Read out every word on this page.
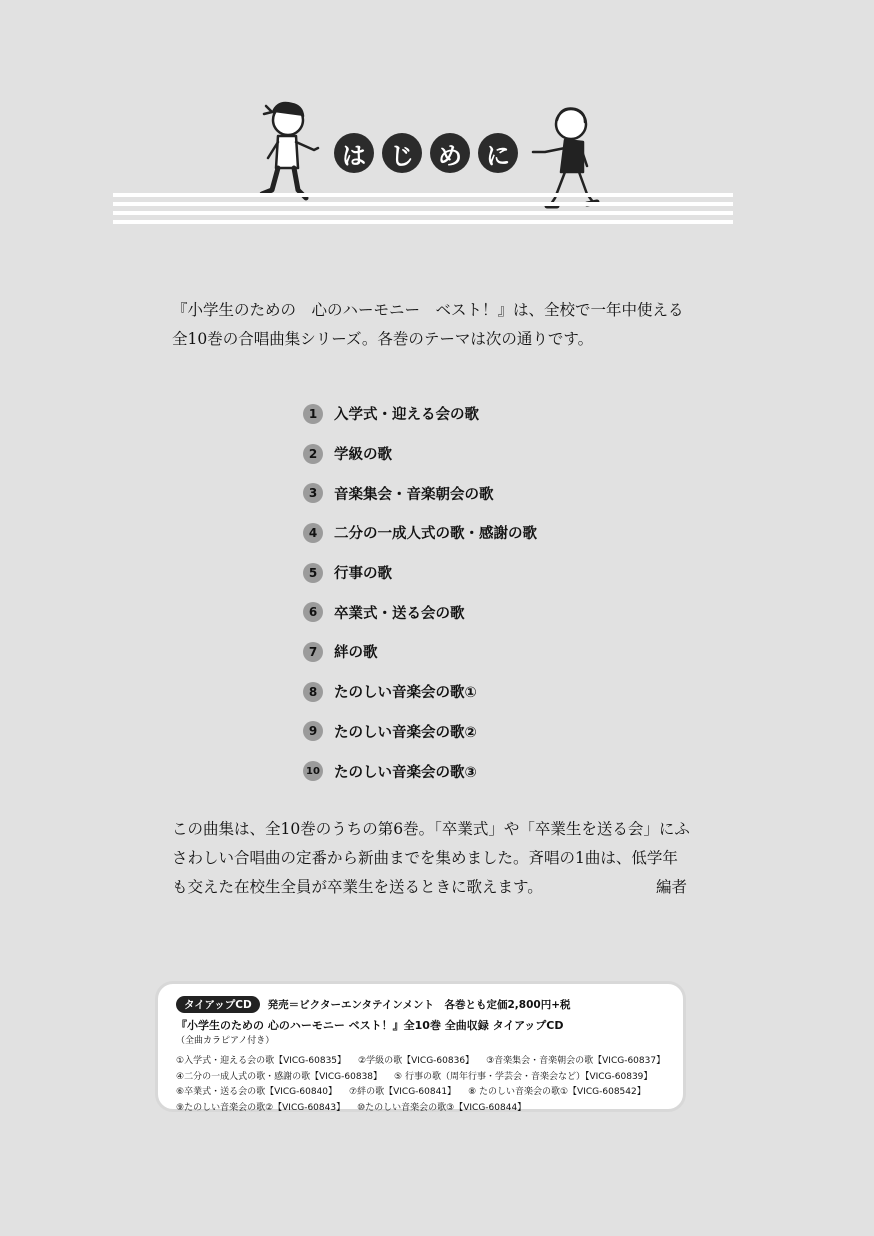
は	じ	め	に

『小学生のための　心のハーモニー　ベスト！』は、全校で一年中使える

全10巻の合唱曲集シリーズ。各巻のテーマは次の通りです。

1	入学式・迎える会の歌
2	学級の歌
3	音楽集会・音楽朝会の歌
4	二分の一成人式の歌・感謝の歌
5	行事の歌
6	卒業式・送る会の歌
7	絆の歌
8	たのしい音楽会の歌①
9	たのしい音楽会の歌②
10 たのしい音楽会の歌③
この曲集は、全10巻のうちの第6巻。「卒業式」や「卒業生を送る会」にふ
さわしい合唱曲の定番から新曲までを集めました。斉唱の1曲は、低学年
も交えた在校生全員が卒業生を送るときに歌えます。	編者
タイアップCD	発売＝ビクターエンタテインメント　各巻とも定価2,800円+税
『小学生のための 心のハーモニー ベスト！』全10巻 全曲収録 タイアップCD （全曲カラピアノ付き）
①入学式・迎える会の歌【VICG-60835】 ②学級の歌【VICG-60836】 ③音楽集会・音楽朝会の歌【VICG-60837】
④二分の一成人式の歌・感謝の歌【VICG-60838】 ⑤ 行事の歌（周年行事・学芸会・音楽会など）【VICG-60839】
⑥卒業式・送る会の歌【VICG-60840】 ⑦絆の歌【VICG-60841】 ⑧ たのしい音楽会の歌①【VICG-608542】
⑨たのしい音楽会の歌②【VICG-60843】 ⑩たのしい音楽会の歌③【VICG-60844】
